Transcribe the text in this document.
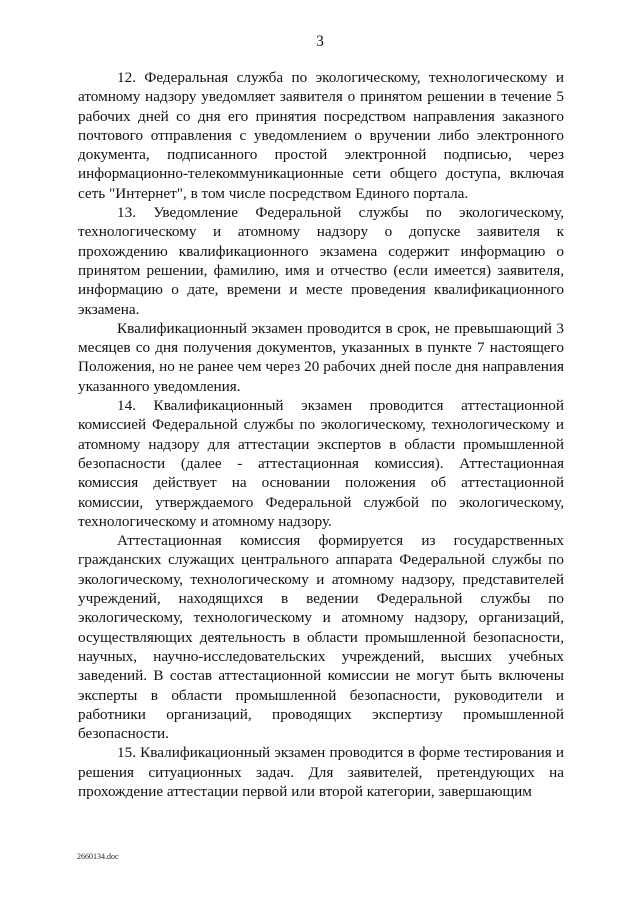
3

12. Федеральная служба по экологическому, технологическому и атомному надзору уведомляет заявителя о принятом решении в течение 5 рабочих дней со дня его принятия посредством направления заказного почтового отправления с уведомлением о вручении либо электронного документа, подписанного простой электронной подписью, через информационно-телекоммуникационные сети общего доступа, включая сеть "Интернет", в том числе посредством Единого портала.

13. Уведомление Федеральной службы по экологическому, технологическому и атомному надзору о допуске заявителя к прохождению квалификационного экзамена содержит информацию о принятом решении, фамилию, имя и отчество (если имеется) заявителя, информацию о дате, времени и месте проведения квалификационного экзамена.

Квалификационный экзамен проводится в срок, не превышающий 3 месяцев со дня получения документов, указанных в пункте 7 настоящего Положения, но не ранее чем через 20 рабочих дней после дня направления указанного уведомления.

14. Квалификационный экзамен проводится аттестационной комиссией Федеральной службы по экологическому, технологическому и атомному надзору для аттестации экспертов в области промышленной безопасности (далее - аттестационная комиссия). Аттестационная комиссия действует на основании положения об аттестационной комиссии, утверждаемого Федеральной службой по экологическому, технологическому и атомному надзору.

Аттестационная комиссия формируется из государственных гражданских служащих центрального аппарата Федеральной службы по экологическому, технологическому и атомному надзору, представителей учреждений, находящихся в ведении Федеральной службы по экологическому, технологическому и атомному надзору, организаций, осуществляющих деятельность в области промышленной безопасности, научных, научно-исследовательских учреждений, высших учебных заведений. В состав аттестационной комиссии не могут быть включены эксперты в области промышленной безопасности, руководители и работники организаций, проводящих экспертизу промышленной безопасности.

15. Квалификационный экзамен проводится в форме тестирования и решения ситуационных задач. Для заявителей, претендующих на прохождение аттестации первой или второй категории, завершающим

2660134.doc
